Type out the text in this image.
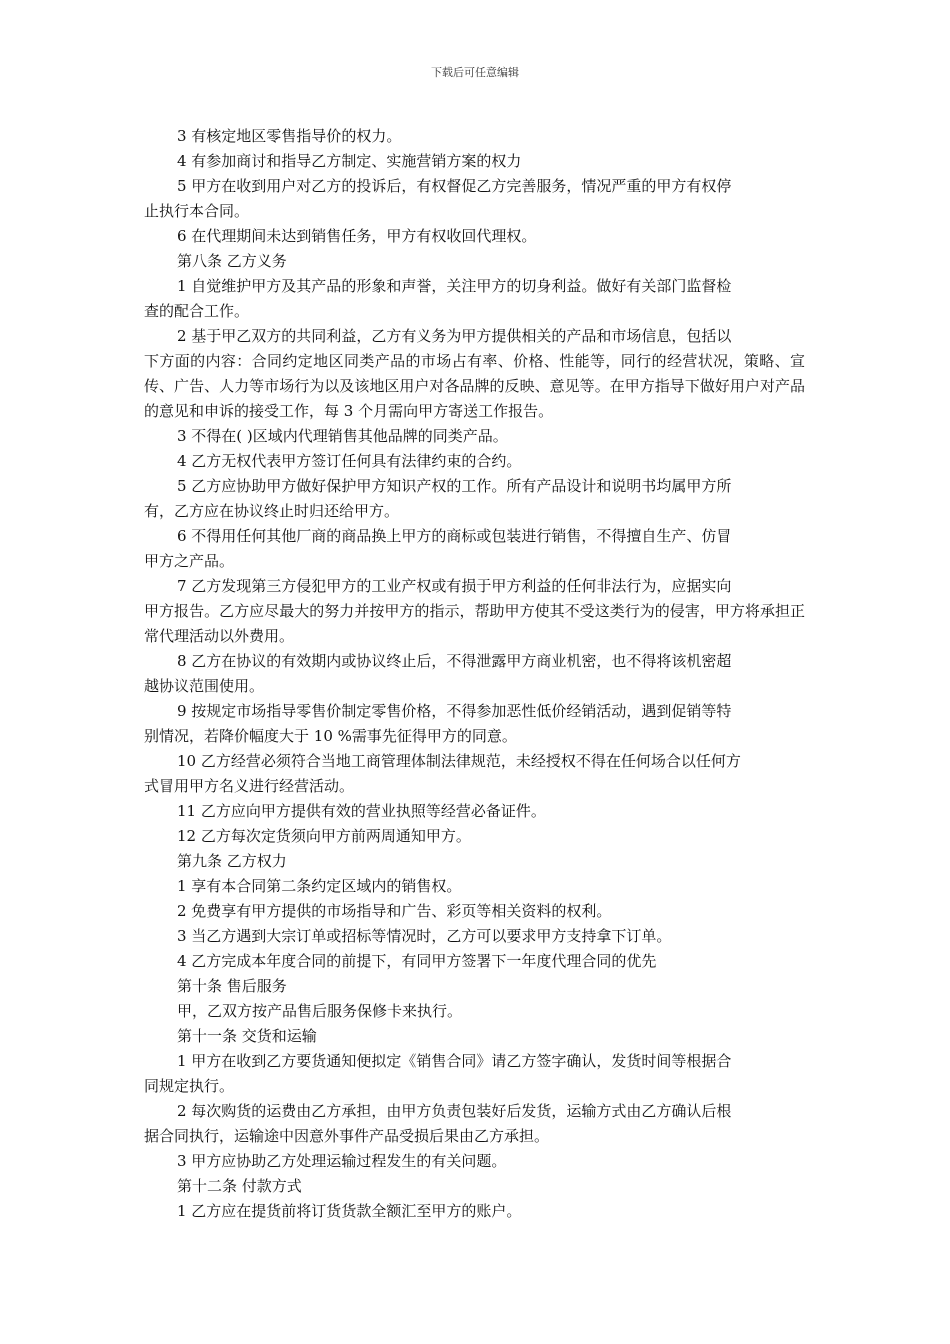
下载后可任意编辑

3 有核定地区零售指导价的权力。

4 有参加商讨和指导乙方制定、实施营销方案的权力

5 甲方在收到用户对乙方的投诉后，有权督促乙方完善服务，情况严重的甲方有权停

止执行本合同。

6 在代理期间未达到销售任务，甲方有权收回代理权。

第八条 乙方义务

1 自觉维护甲方及其产品的形象和声誉，关注甲方的切身利益。做好有关部门监督检

查的配合工作。

2 基于甲乙双方的共同利益，乙方有义务为甲方提供相关的产品和市场信息，包括以

下方面的内容：合同约定地区同类产品的市场占有率、价格、性能等，同行的经营状况，策略、宣传、广告、人力等市场行为以及该地区用户对各品牌的反映、意见等。在甲方指导下做好用户对产品的意见和申诉的接受工作，每 3 个月需向甲方寄送工作报告。

3 不得在( )区域内代理销售其他品牌的同类产品。

4 乙方无权代表甲方签订任何具有法律约束的合约。

5 乙方应协助甲方做好保护甲方知识产权的工作。所有产品设计和说明书均属甲方所

有，乙方应在协议终止时归还给甲方。

6 不得用任何其他厂商的商品换上甲方的商标或包装进行销售，不得擅自生产、仿冒

甲方之产品。

7 乙方发现第三方侵犯甲方的工业产权或有损于甲方利益的任何非法行为，应据实向

甲方报告。乙方应尽最大的努力并按甲方的指示，帮助甲方使其不受这类行为的侵害，甲方将承担正常代理活动以外费用。

8 乙方在协议的有效期内或协议终止后，不得泄露甲方商业机密，也不得将该机密超

越协议范围使用。

9 按规定市场指导零售价制定零售价格，不得参加恶性低价经销活动，遇到促销等特

别情况，若降价幅度大于 10 %需事先征得甲方的同意。

10 乙方经营必须符合当地工商管理体制法律规范，未经授权不得在任何场合以任何方

式冒用甲方名义进行经营活动。

11 乙方应向甲方提供有效的营业执照等经营必备证件。

12 乙方每次定货须向甲方前两周通知甲方。

第九条 乙方权力

1 享有本合同第二条约定区域内的销售权。

2 免费享有甲方提供的市场指导和广告、彩页等相关资料的权利。

3 当乙方遇到大宗订单或招标等情况时，乙方可以要求甲方支持拿下订单。

4 乙方完成本年度合同的前提下，有同甲方签署下一年度代理合同的优先

第十条 售后服务

甲，乙双方按产品售后服务保修卡来执行。

第十一条 交货和运输

1 甲方在收到乙方要货通知便拟定《销售合同》请乙方签字确认，发货时间等根据合

同规定执行。

2 每次购货的运费由乙方承担，由甲方负责包装好后发货，运输方式由乙方确认后根

据合同执行，运输途中因意外事件产品受损后果由乙方承担。

3 甲方应协助乙方处理运输过程发生的有关问题。

第十二条 付款方式

1 乙方应在提货前将订货货款全额汇至甲方的账户。
